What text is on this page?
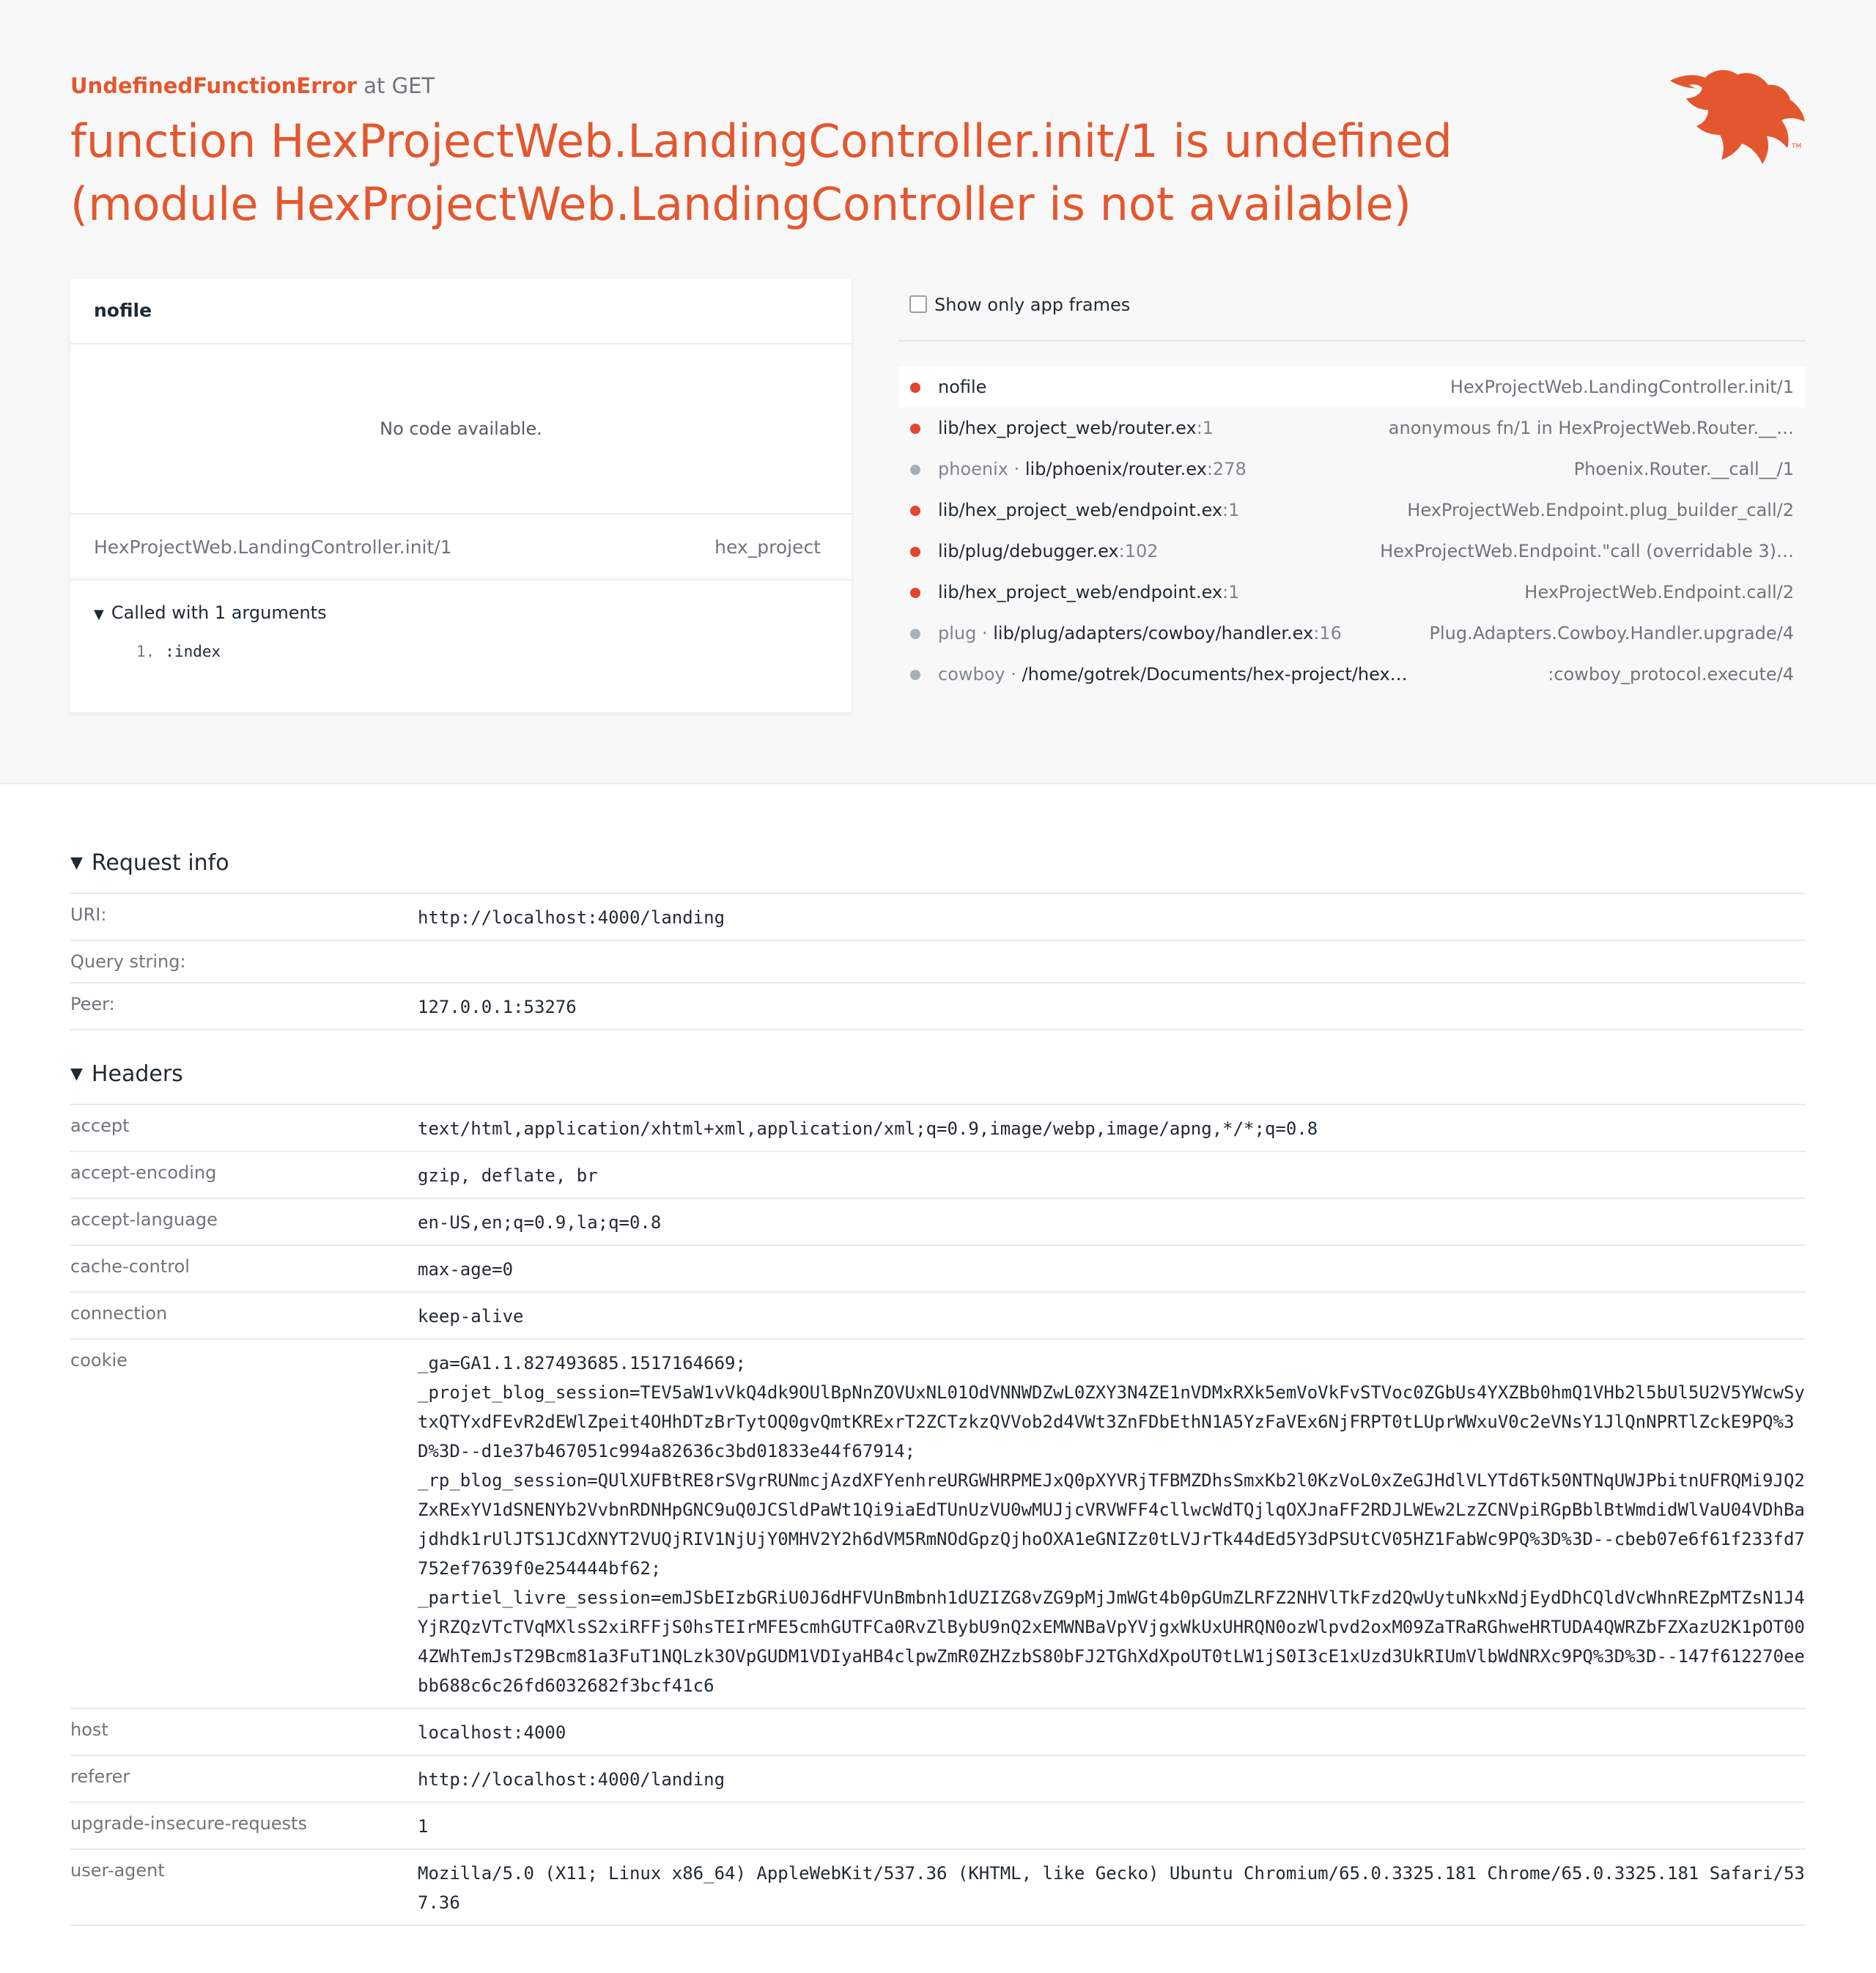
UndefinedFunctionError at GET
function HexProjectWeb.LandingController.init/1 is undefined (module HexProjectWeb.LandingController is not available)
TM
nofile
No code available.
HexProjectWeb.LandingController.init/1	hex_project
▼ Called with 1 arguments
1. :index
Show only app frames
nofile	HexProjectWeb.LandingController.init/1
lib/hex_project_web/router.ex:1	anonymous fn/1 in HexProjectWeb.Router.__…
phoenix · lib/phoenix/router.ex:278	Phoenix.Router.__call__/1
lib/hex_project_web/endpoint.ex:1	HexProjectWeb.Endpoint.plug_builder_call/2
lib/plug/debugger.ex:102	HexProjectWeb.Endpoint."call (overridable 3)…
lib/hex_project_web/endpoint.ex:1	HexProjectWeb.Endpoint.call/2
plug · lib/plug/adapters/cowboy/handler.ex:16	Plug.Adapters.Cowboy.Handler.upgrade/4
cowboy · /home/gotrek/Documents/hex-project/hex…	:cowboy_protocol.execute/4
▼ Request info
URI:	http://localhost:4000/landing
Query string:
Peer:	127.0.0.1:53276
▼ Headers
accept	text/html,application/xhtml+xml,application/xml;q=0.9,image/webp,image/apng,*/*;q=0.8
accept-encoding	gzip, deflate, br
accept-language	en-US,en;q=0.9,la;q=0.8
cache-control	max-age=0
connection	keep-alive
cookie	_ga=GA1.1.827493685.1517164669;
_projet_blog_session=TEV5aW1vVkQ4dk9OUlBpNnZOVUxNL01OdVNNWDZwL0ZXY3N4ZE1nVDMxRXk5emVoVkFvSTVoc0ZGbUs4YXZBb0hmQ1VHb2l5bUl5U2V5YWcwSytxQTYxdFEvR2dEWlZpeit4OHhDTzBrTytOQ0gvQmtKRExrT2ZCTzkzQVVob2d4VWt3ZnFDbEthN1A5YzFaVEx6NjFRPT0tLUprWWxuV0c2eVNsY1JlQnNPRTlZckE9PQ%3D%3D--d1e37b467051c994a82636c3bd01833e44f67914;
_rp_blog_session=QUlXUFBtRE8rSVgrRUNmcjAzdXFYenhreURGWHRPMEJxQ0pXYVRjTFBMZDhsSmxKb2l0KzVoL0xZeGJHdlVLYTd6Tk50NTNqUWJPbitnUFRQMi9JQ2ZxRExYV1dSNENYb2VvbnRDNHpGNC9uQ0JCSldPaWt1Qi9iaEdTUnUzVU0wMUJjcVRVWFF4cllwcWdTQjlqOXJnaFF2RDJLWEw2LzZCNVpiRGpBblBtWmdidWlVaU04VDhBajdhdk1rUlJTS1JCdXNYT2VUQjRIV1NjUjY0MHV2Y2h6dVM5RmNOdGpzQjhoOXA1eGNIZz0tLVJrTk44dEd5Y3dPSUtCV05HZ1FabWc9PQ%3D%3D--cbeb07e6f61f233fd7752ef7639f0e254444bf62;
_partiel_livre_session=emJSbEIzbGRiU0J6dHFVUnBmbnh1dUZIZG8vZG9pMjJmWGt4b0pGUmZLRFZ2NHVlTkFzd2QwUytuNkxNdjEydDhCQldVcWhnREZpMTZsN1J4YjRZQzVTcTVqMXlsS2xiRFFjS0hsTEIrMFE5cmhGUTFCa0RvZlBybU9nQ2xEMWNBaVpYVjgxWkUxUHRQN0ozWlpvd2oxM09ZaTRaRGhweHRTUDA4QWRZbFZXazU2K1pOT004ZWhTemJsT29Bcm81a3FuT1NQLzk3OVpGUDM1VDIyaHB4clpwZmR0ZHZzbS80bFJ2TGhXdXpoUT0tLW1jS0I3cE1xUzd3UkRIUmVlbWdNRXc9PQ%3D%3D--147f612270eebb688c6c26fd6032682f3bcf41c6
host	localhost:4000
referer	http://localhost:4000/landing
upgrade-insecure-requests	1
user-agent	Mozilla/5.0 (X11; Linux x86_64) AppleWebKit/537.36 (KHTML, like Gecko) Ubuntu Chromium/65.0.3325.181 Chrome/65.0.3325.181 Safari/537.36
